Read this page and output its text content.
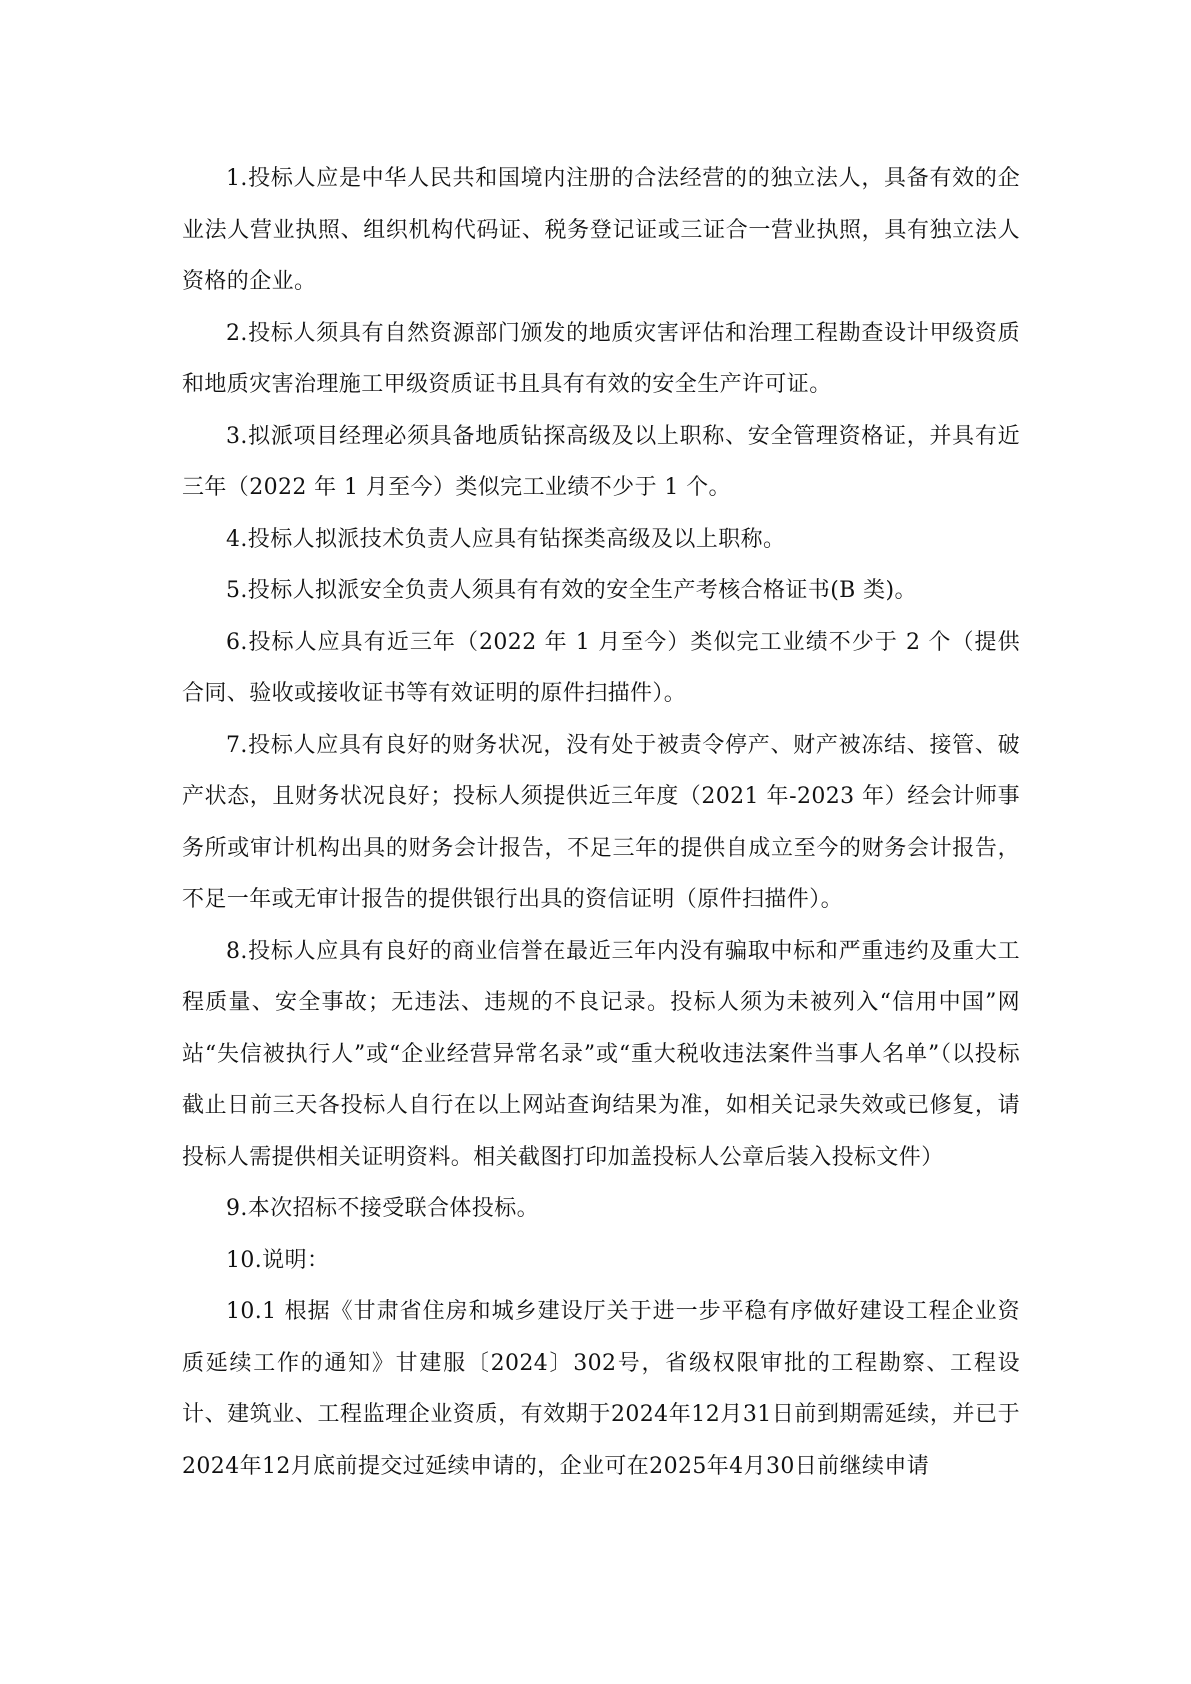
1.投标人应是中华人民共和国境内注册的合法经营的的独立法人，具备有效的企业法人营业执照、组织机构代码证、税务登记证或三证合一营业执照，具有独立法人资格的企业。

2.投标人须具有自然资源部门颁发的地质灾害评估和治理工程勘查设计甲级资质和地质灾害治理施工甲级资质证书且具有有效的安全生产许可证。

3.拟派项目经理必须具备地质钻探高级及以上职称、安全管理资格证，并具有近三年（2022 年 1 月至今）类似完工业绩不少于 1 个。

4.投标人拟派技术负责人应具有钻探类高级及以上职称。

5.投标人拟派安全负责人须具有有效的安全生产考核合格证书(B 类)。

6.投标人应具有近三年（2022 年 1 月至今）类似完工业绩不少于 2 个（提供合同、验收或接收证书等有效证明的原件扫描件）。

7.投标人应具有良好的财务状况，没有处于被责令停产、财产被冻结、接管、破产状态，且财务状况良好；投标人须提供近三年度（2021 年-2023 年）经会计师事务所或审计机构出具的财务会计报告，不足三年的提供自成立至今的财务会计报告，不足一年或无审计报告的提供银行出具的资信证明（原件扫描件）。

8.投标人应具有良好的商业信誉在最近三年内没有骗取中标和严重违约及重大工程质量、安全事故；无违法、违规的不良记录。投标人须为未被列入“信用中国”网站“失信被执行人”或“企业经营异常名录”或“重大税收违法案件当事人名单”（以投标截止日前三天各投标人自行在以上网站查询结果为准，如相关记录失效或已修复，请投标人需提供相关证明资料。相关截图打印加盖投标人公章后装入投标文件）

9.本次招标不接受联合体投标。

10.说明：

10.1 根据《甘肃省住房和城乡建设厅关于进一步平稳有序做好建设工程企业资质延续工作的通知》甘建服〔2024〕302号，省级权限审批的工程勘察、工程设计、建筑业、工程监理企业资质，有效期于2024年12月31日前到期需延续，并已于2024年12月底前提交过延续申请的，企业可在2025年4月30日前继续申请
